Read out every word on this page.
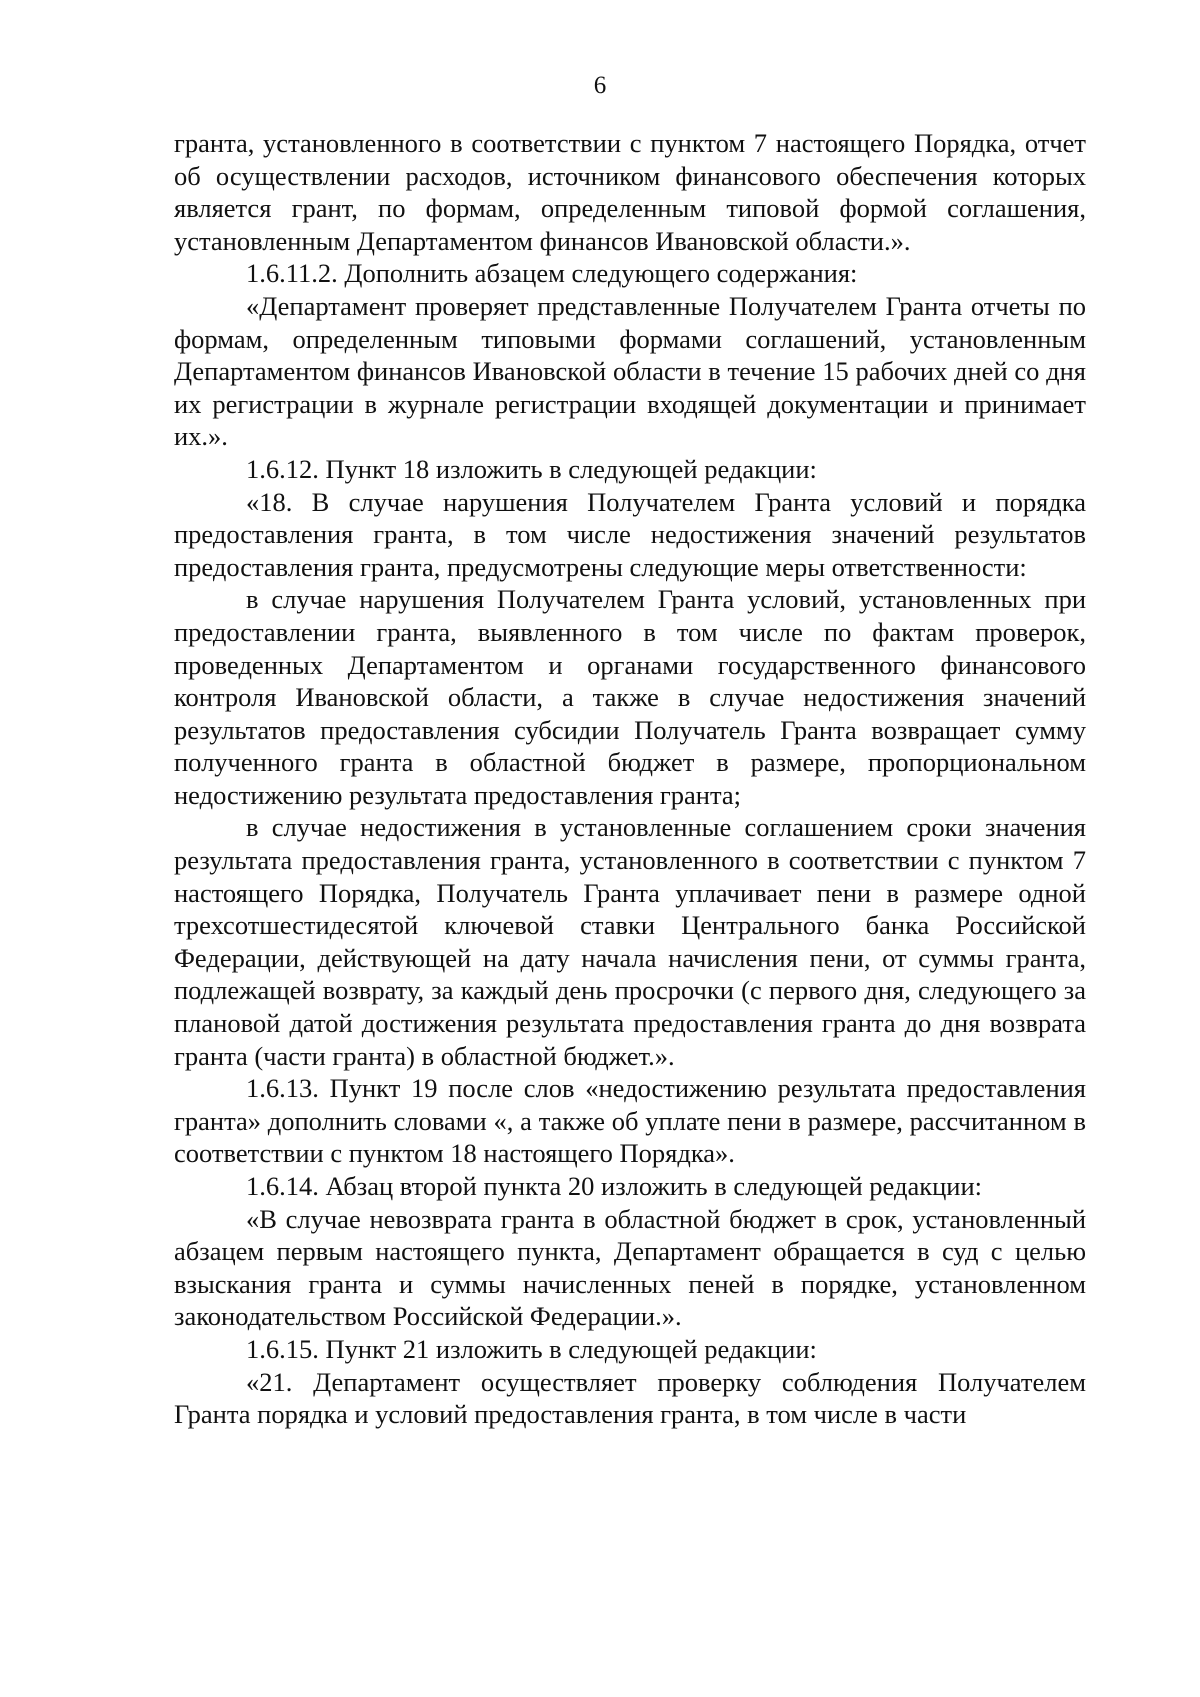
6

гранта, установленного в соответствии с пунктом 7 настоящего Порядка, отчет об осуществлении расходов, источником финансового обеспечения которых является грант, по формам, определенным типовой формой соглашения, установленным Департаментом финансов Ивановской области.».

1.6.11.2. Дополнить абзацем следующего содержания:

«Департамент проверяет представленные Получателем Гранта отчеты по формам, определенным типовыми формами соглашений, установленным Департаментом финансов Ивановской области в течение 15 рабочих дней со дня их регистрации в журнале регистрации входящей документации и принимает их.».

1.6.12. Пункт 18 изложить в следующей редакции:

«18. В случае нарушения Получателем Гранта условий и порядка предоставления гранта, в том числе недостижения значений результатов предоставления гранта, предусмотрены следующие меры ответственности:

в случае нарушения Получателем Гранта условий, установленных при предоставлении гранта, выявленного в том числе по фактам проверок, проведенных Департаментом и органами государственного финансового контроля Ивановской области, а также в случае недостижения значений результатов предоставления субсидии Получатель Гранта возвращает сумму полученного гранта в областной бюджет в размере, пропорциональном недостижению результата предоставления гранта;

в случае недостижения в установленные соглашением сроки значения результата предоставления гранта, установленного в соответствии с пунктом 7 настоящего Порядка, Получатель Гранта уплачивает пени в размере одной трехсотшестидесятой ключевой ставки Центрального банка Российской Федерации, действующей на дату начала начисления пени, от суммы гранта, подлежащей возврату, за каждый день просрочки (с первого дня, следующего за плановой датой достижения результата предоставления гранта до дня возврата гранта (части гранта) в областной бюджет.».

1.6.13. Пункт 19 после слов «недостижению результата предоставления гранта» дополнить словами «, а также об уплате пени в размере, рассчитанном в соответствии с пунктом 18 настоящего Порядка».

1.6.14. Абзац второй пункта 20 изложить в следующей редакции:

«В случае невозврата гранта в областной бюджет в срок, установленный абзацем первым настоящего пункта, Департамент обращается в суд с целью взыскания гранта и суммы начисленных пеней в порядке, установленном законодательством Российской Федерации.».

1.6.15. Пункт 21 изложить в следующей редакции:

«21. Департамент осуществляет проверку соблюдения Получателем Гранта порядка и условий предоставления гранта, в том числе в части
